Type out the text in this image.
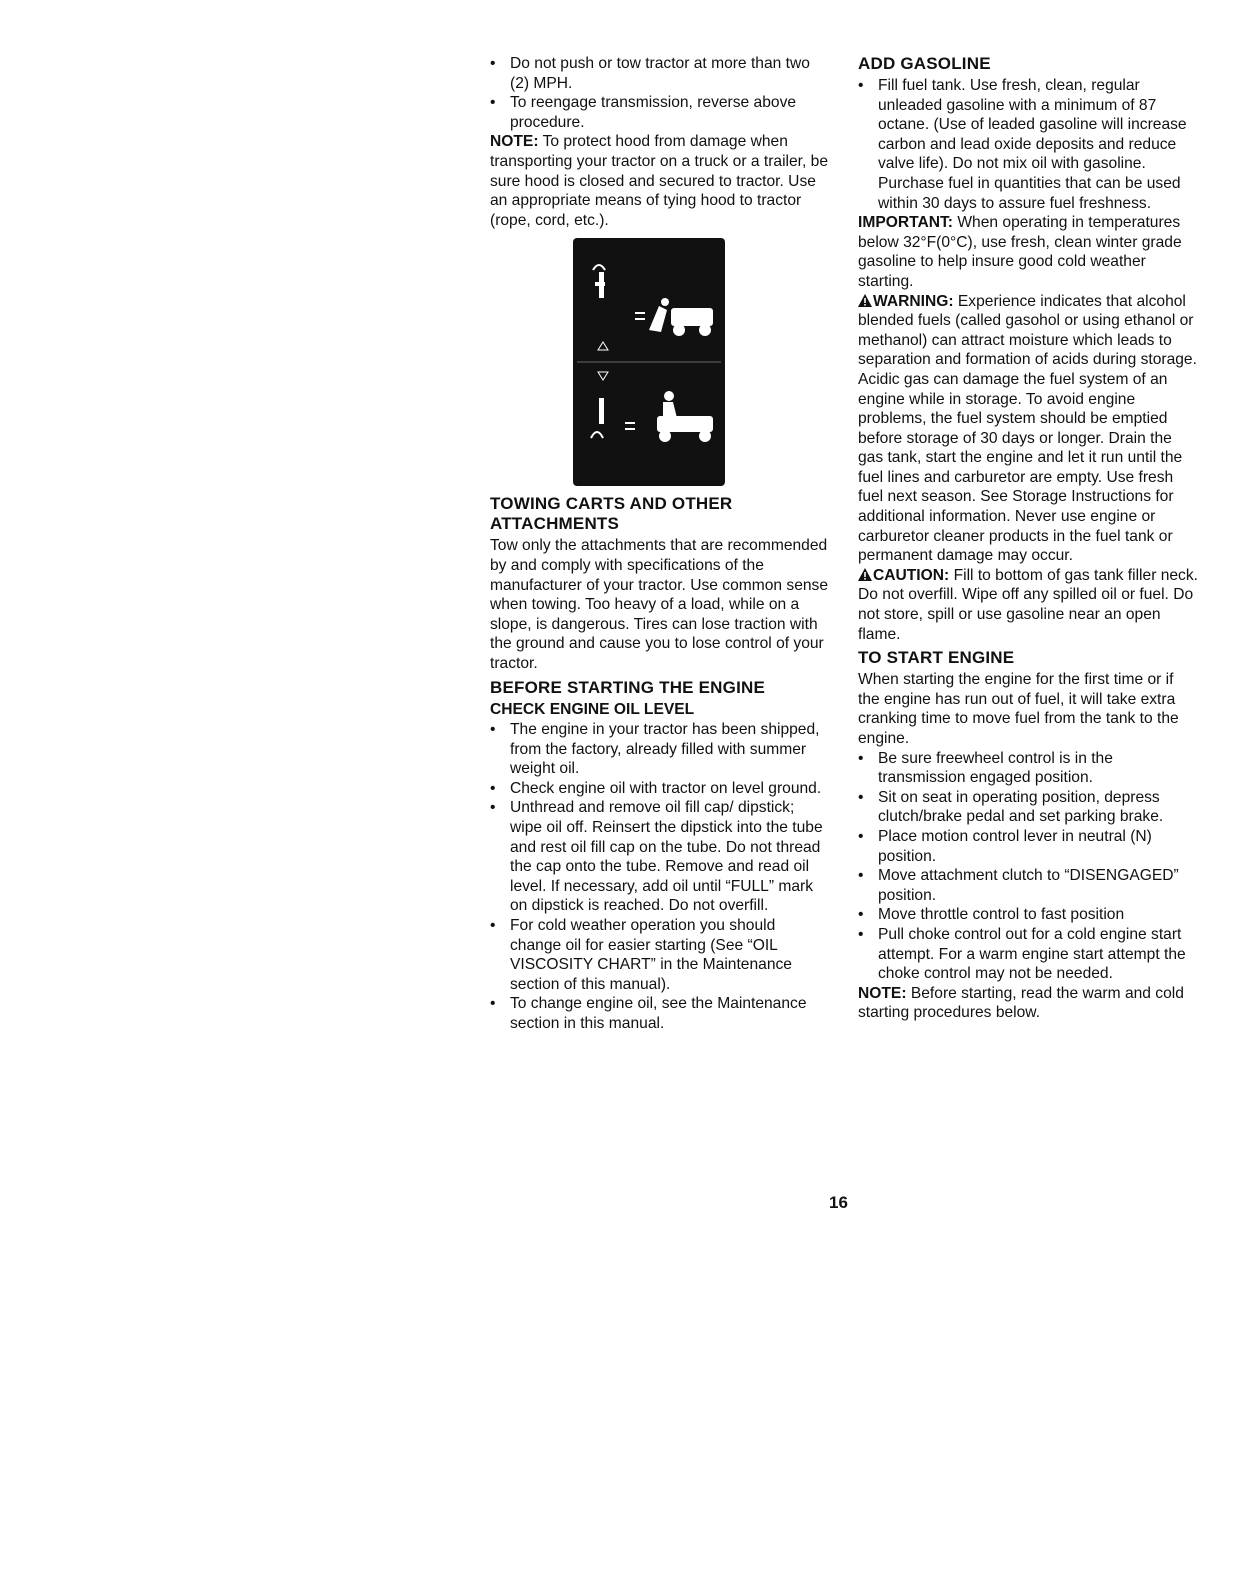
• Do not push or tow tractor at more than two (2) MPH.

• To reengage transmission, reverse above procedure.

NOTE: To protect hood from damage when transporting your tractor on a truck or a trailer, be sure hood is closed and secured to tractor. Use an appropriate means of tying hood to tractor (rope, cord, etc.).

TOWING CARTS AND OTHER ATTACHMENTS

Tow only the attachments that are recommended by and comply with specifications of the manufacturer of your tractor. Use common sense when towing. Too heavy of a load, while on a slope, is dangerous. Tires can lose traction with the ground and cause you to lose control of your tractor.

BEFORE STARTING THE ENGINE

CHECK ENGINE OIL LEVEL

• The engine in your tractor has been shipped, from the factory, already filled with summer weight oil.

• Check engine oil with tractor on level ground.

• Unthread and remove oil fill cap/ dipstick; wipe oil off. Reinsert the dipstick into the tube and rest oil fill cap on the tube. Do not thread the cap onto the tube. Remove and read oil level. If necessary, add oil until “FULL” mark on dipstick is reached. Do not overfill.

• For cold weather operation you should change oil for easier starting (See “OIL VISCOSITY CHART” in the Maintenance section of this manual).

• To change engine oil, see the Maintenance section in this manual.

ADD GASOLINE

• Fill fuel tank. Use fresh, clean, regular unleaded gasoline with a minimum of 87 octane. (Use of leaded gasoline will increase carbon and lead oxide deposits and reduce valve life). Do not mix oil with gasoline. Purchase fuel in quantities that can be used within 30 days to assure fuel freshness.

IMPORTANT: When operating in temperatures below 32°F(0°C), use fresh, clean winter grade gasoline to help insure good cold weather starting.

WARNING: Experience indicates that alcohol blended fuels (called gasohol or using ethanol or methanol) can attract moisture which leads to separation and formation of acids during storage. Acidic gas can damage the fuel system of an engine while in storage. To avoid engine problems, the fuel system should be emptied before storage of 30 days or longer. Drain the gas tank, start the engine and let it run until the fuel lines and carburetor are empty. Use fresh fuel next season. See Storage Instructions for additional information. Never use engine or carburetor cleaner products in the fuel tank or permanent damage may occur.

CAUTION: Fill to bottom of gas tank filler neck. Do not overfill. Wipe off any spilled oil or fuel. Do not store, spill or use gasoline near an open flame.

TO START ENGINE

When starting the engine for the first time or if the engine has run out of fuel, it will take extra cranking time to move fuel from the tank to the engine.

• Be sure freewheel control is in the transmission engaged position.

• Sit on seat in operating position, depress clutch/brake pedal and set parking brake.

• Place motion control lever in neutral (N) position.

• Move attachment clutch to “DISENGAGED” position.

• Move throttle control to fast position

• Pull choke control out for a cold engine start attempt. For a warm engine start attempt the choke control may not be needed.

NOTE: Before starting, read the warm and cold starting procedures below.

16
